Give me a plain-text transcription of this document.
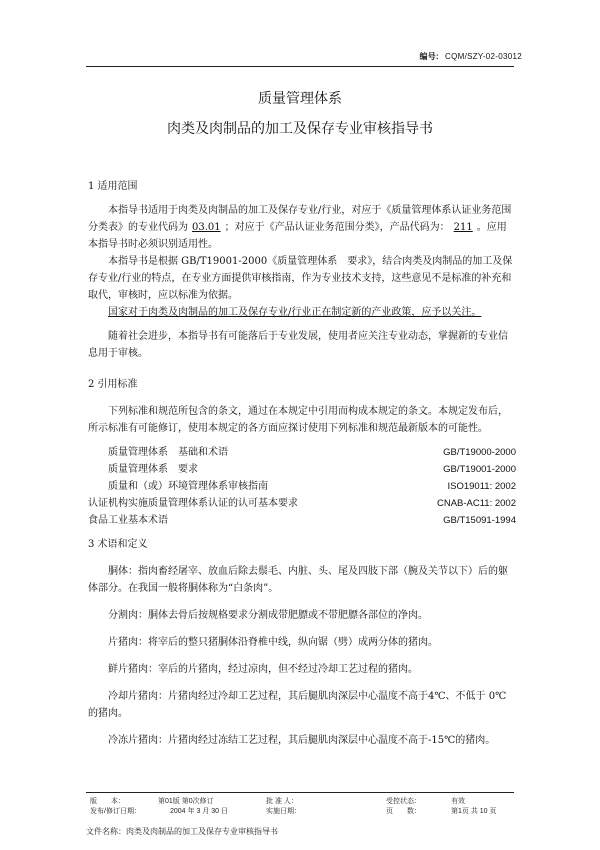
编号: CQM/SZY-02-03012
质量管理体系
肉类及肉制品的加工及保存专业审核指导书

1 适用范围

本指导书适用于肉类及肉制品的加工及保存专业/行业，对应于《质量管理体系认证业务范围分类表》的专业代码为 03.01 ；对应于《产品认证业务范围分类》，产品代码为： 211 。应用本指导书时必须识别适用性。

本指导书是根据 GB/T19001-2000《质量管理体系　要求》，结合肉类及肉制品的加工及保存专业/行业的特点，在专业方面提供审核指南，作为专业技术支持，这些意见不是标准的补充和取代，审核时，应以标准为依据。

国家对于肉类及肉制品的加工及保存专业/行业正在制定新的产业政策，应予以关注。

随着社会进步，本指导书有可能落后于专业发展，使用者应关注专业动态，掌握新的专业信息用于审核。

2 引用标准

下列标准和规范所包含的条文，通过在本规定中引用而构成本规定的条文。本规定发布后，所示标准有可能修订，使用本规定的各方面应探讨使用下列标准和规范最新版本的可能性。

质量管理体系　基础和术语	GB/T19000-2000
质量管理体系　要求	GB/T19001-2000
质量和（或）环境管理体系审核指南	ISO19011: 2002
认证机构实施质量管理体系认证的认可基本要求	CNAB-AC11: 2002
食品工业基本术语	GB/T15091-1994

3 术语和定义

胴体：指肉畜经屠宰、放血后除去鬃毛、内脏、头、尾及四肢下部（腕及关节以下）后的躯体部分。在我国一般将胴体称为“白条肉”。

分割肉：胴体去骨后按规格要求分割成带肥膘或不带肥膘各部位的净肉。

片猪肉：将宰后的整只猪胴体沿脊椎中线，纵向锯（劈）成两分体的猪肉。

鲜片猪肉：宰后的片猪肉，经过凉肉，但不经过冷却工艺过程的猪肉。

冷却片猪肉：片猪肉经过冷却工艺过程，其后腿肌肉深层中心温度不高于4℃、不低于 0℃的猪肉。

冷冻片猪肉：片猪肉经过冻结工艺过程，其后腿肌肉深层中心温度不高于-15℃的猪肉。

版　　本：	第01版 第0次修订	批 准 人：	受控状态：	有效
发布/修订日期：	2004 年 3 月 30 日	实施日期：	页　　数：	第1页 共 10 页
文件名称：肉类及肉制品的加工及保存专业审核指导书
